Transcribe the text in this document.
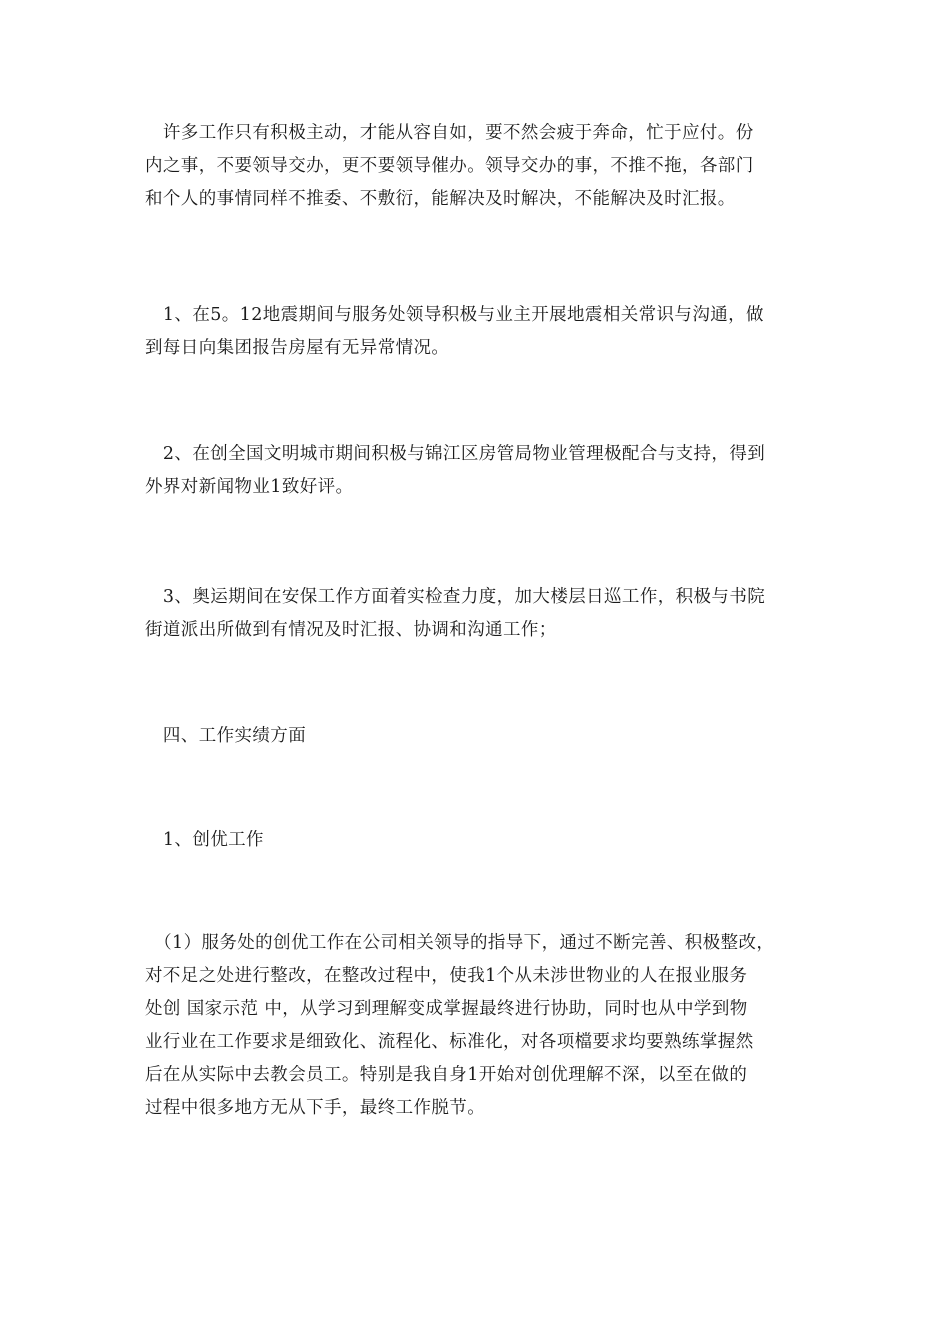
　许多工作只有积极主动，才能从容自如，要不然会疲于奔命，忙于应付。份
内之事，不要领导交办，更不要领导催办。领导交办的事，不推不拖，各部门
和个人的事情同样不推委、不敷衍，能解决及时解决，不能解决及时汇报。
　1、在5。12地震期间与服务处领导积极与业主开展地震相关常识与沟通，做
到每日向集团报告房屋有无异常情况。
　2、在创全国文明城市期间积极与锦江区房管局物业管理极配合与支持，得到
外界对新闻物业1致好评。
　3、奥运期间在安保工作方面着实检查力度，加大楼层日巡工作，积极与书院
街道派出所做到有情况及时汇报、协调和沟通工作；
　四、工作实绩方面
　1、创优工作
　（1）服务处的创优工作在公司相关领导的指导下，通过不断完善、积极整改，
对不足之处进行整改，在整改过程中，使我1个从未涉世物业的人在报业服务
处创 国家示范 中，从学习到理解变成掌握最终进行协助，同时也从中学到物
业行业在工作要求是细致化、流程化、标准化，对各项檔要求均要熟练掌握然
后在从实际中去教会员工。特别是我自身1开始对创优理解不深，以至在做的
过程中很多地方无从下手，最终工作脱节。
